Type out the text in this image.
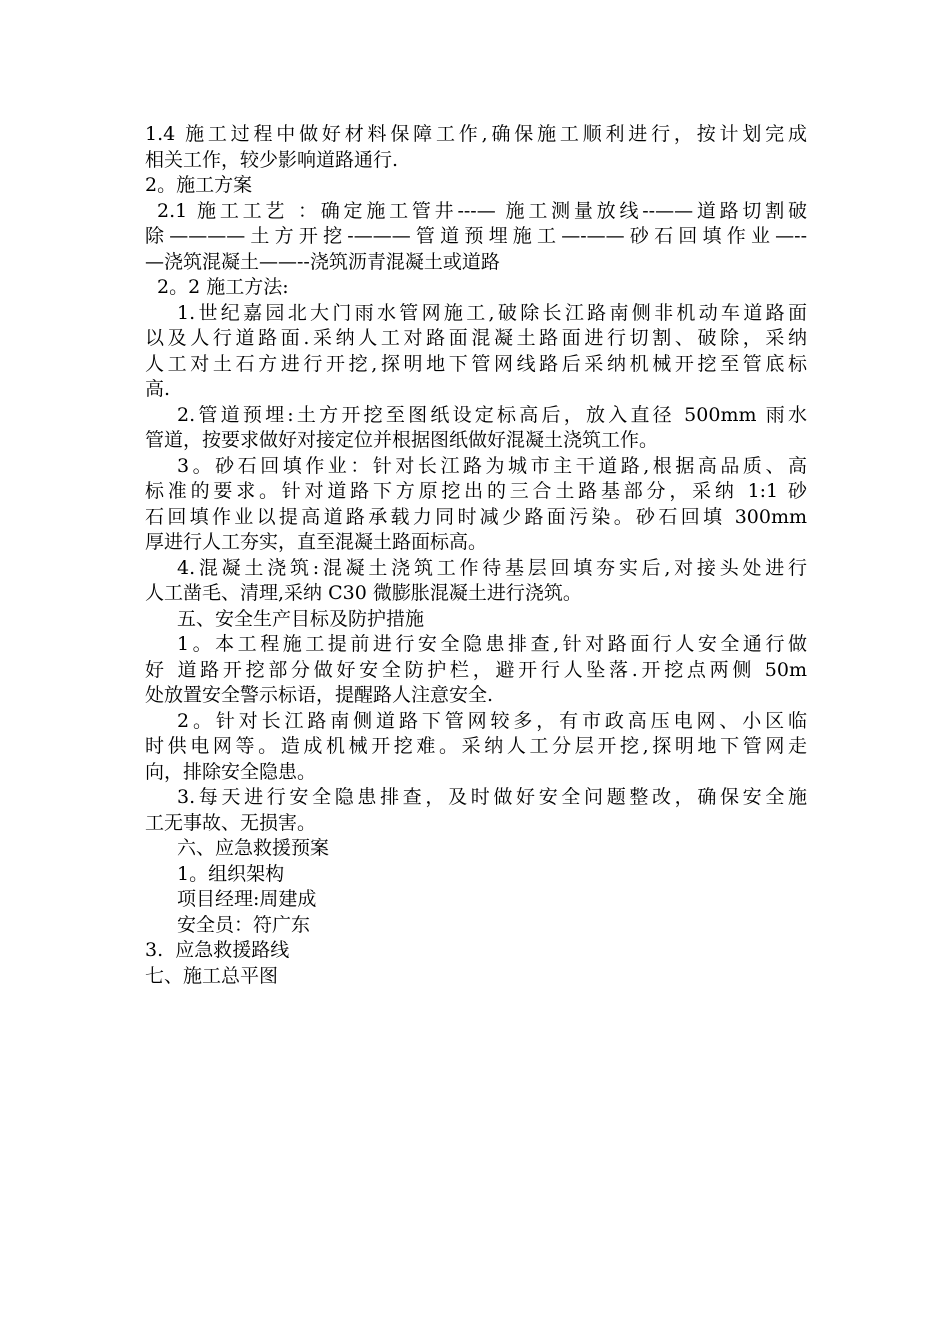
1.4 施工过程中做好材料保障工作,确保施工顺利进行，按计划完成
相关工作，较少影响道路通行.
2。施工方案
2.1 施工工艺 ：确定施工管井---— 施工测量放线--——道路切割破
除————土方开挖-———管道预埋施工—-——砂石回填作业—--
—浇筑混凝土——--浇筑沥青混凝土或道路
2。2 施工方法:
1.世纪嘉园北大门雨水管网施工,破除长江路南侧非机动车道路面
以及人行道路面.采纳人工对路面混凝土路面进行切割、破除，采纳
人工对土石方进行开挖,探明地下管网线路后采纳机械开挖至管底标
高.
2.管道预埋:土方开挖至图纸设定标高后，放入直径 500mm 雨水
管道，按要求做好对接定位并根据图纸做好混凝土浇筑工作。
3。砂石回填作业：针对长江路为城市主干道路,根据高品质、高
标准的要求。针对道路下方原挖出的三合土路基部分，采纳 1:1 砂
石回填作业以提高道路承载力同时减少路面污染。砂石回填 300mm
厚进行人工夯实，直至混凝土路面标高。
4.混凝土浇筑:混凝土浇筑工作待基层回填夯实后,对接头处进行
人工凿毛、清理,采纳 C30 微膨胀混凝土进行浇筑。
五、安全生产目标及防护措施
1。本工程施工提前进行安全隐患排查,针对路面行人安全通行做
好 道路开挖部分做好安全防护栏，避开行人坠落.开挖点两侧 50m
处放置安全警示标语，提醒路人注意安全.
2。针对长江路南侧道路下管网较多，有市政高压电网、小区临
时供电网等。造成机械开挖难。采纳人工分层开挖,探明地下管网走
向，排除安全隐患。
3.每天进行安全隐患排查，及时做好安全问题整改，确保安全施
工无事故、无损害。
六、应急救援预案
1。组织架构
项目经理:周建成
安全员：符广东
3.  应急救援路线
七、施工总平图
